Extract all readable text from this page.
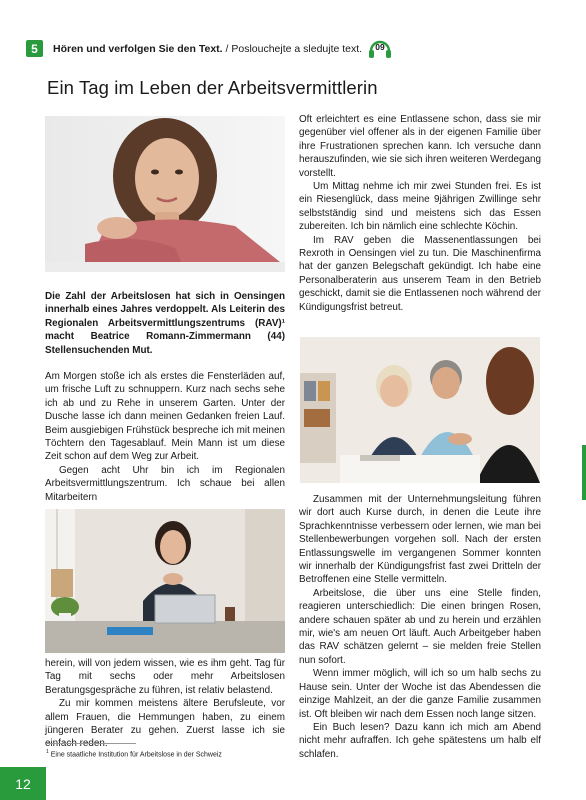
5	Hören und verfolgen Sie den Text. / Poslouchejte a sledujte text.	09
Ein Tag im Leben der Arbeitsvermittlerin

Die Zahl der Arbeitslosen hat sich in Oensingen innerhalb eines Jahres verdoppelt. Als Leiterin des Regionalen Arbeitsvermittlungszentrums (RAV)¹ macht Beatrice Romann-Zimmermann (44) Stellensuchenden Mut.

Am Morgen stoße ich als erstes die Fensterläden auf, um frische Luft zu schnuppern. Kurz nach sechs sehe ich ab und zu Rehe in unserem Garten. Unter der Dusche lasse ich dann meinen Gedanken freien Lauf. Beim ausgiebigen Frühstück bespreche ich mit meinen Töchtern den Tagesablauf. Mein Mann ist um diese Zeit schon auf dem Weg zur Arbeit.

Gegen acht Uhr bin ich im Regionalen Arbeitsvermittlungszentrum. Ich schaue bei allen Mitarbeitern

herein, will von jedem wissen, wie es ihm geht. Tag für Tag mit sechs oder mehr Arbeitslosen Beratungsgespräche zu führen, ist relativ belastend.

Zu mir kommen meistens ältere Berufsleute, vor allem Frauen, die Hemmungen haben, zu einem jüngeren Berater zu gehen. Zuerst lasse ich sie einfach reden.

Oft erleichtert es eine Entlassene schon, dass sie mir gegenüber viel offener als in der eigenen Familie über ihre Frustrationen sprechen kann. Ich versuche dann herauszufinden, wie sie sich ihren weiteren Werdegang vorstellt.

Um Mittag nehme ich mir zwei Stunden frei. Es ist ein Riesenglück, dass meine 9jährigen Zwillinge sehr selbstständig sind und meistens sich das Essen zubereiten. Ich bin nämlich eine schlechte Köchin.

Im RAV geben die Massenentlassungen bei Rexroth in Oensingen viel zu tun. Die Maschinenfirma hat der ganzen Belegschaft gekündigt. Ich habe eine Personalberaterin aus unserem Team in den Betrieb geschickt, damit sie die Entlassenen noch während der Kündigungsfrist betreut.

Zusammen mit der Unternehmungsleitung führen wir dort auch Kurse durch, in denen die Leute ihre Sprachkenntnisse verbessern oder lernen, wie man bei Stellenbewerbungen vorgehen soll. Nach der ersten Entlassungswelle im vergangenen Sommer konnten wir innerhalb der Kündigungsfrist fast zwei Dritteln der Betroffenen eine Stelle vermitteln.

Arbeitslose, die über uns eine Stelle finden, reagieren unterschiedlich: Die einen bringen Rosen, andere schauen später ab und zu herein und erzählen mir, wie's am neuen Ort läuft. Auch Arbeitgeber haben das RAV schätzen gelernt – sie melden freie Stellen nun sofort.

Wenn immer möglich, will ich so um halb sechs zu Hause sein. Unter der Woche ist das Abendessen die einzige Mahlzeit, an der die ganze Familie zusammen ist. Oft bleiben wir nach dem Essen noch lange sitzen.

Ein Buch lesen? Dazu kann ich mich am Abend nicht mehr aufraffen. Ich gehe spätestens um halb elf schlafen.

$^1$ Eine staatliche Institution für Arbeitslose in der Schweiz
12
